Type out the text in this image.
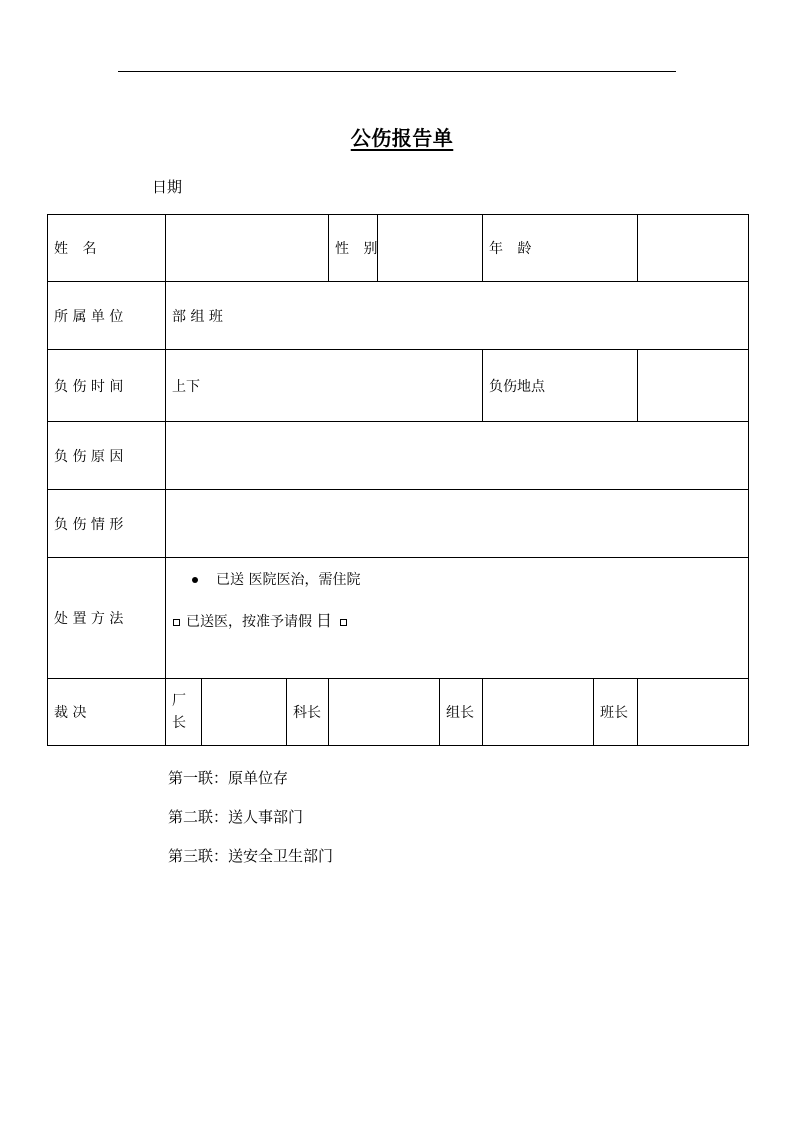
公伤报告单
日期
姓 名				性 别			年 龄		
所 属 单 位	部 组 班								
负 伤 时 间	上下						负伤地点		
负 伤 原 因									
负 伤 情 形									
处 置 方 法	已送 医院医治，需住院
已送医，按准予请假 日								

裁 决	厂长		科长			组长		班长	
第一联：原单位存
第二联：送人事部门
第三联：送安全卫生部门
